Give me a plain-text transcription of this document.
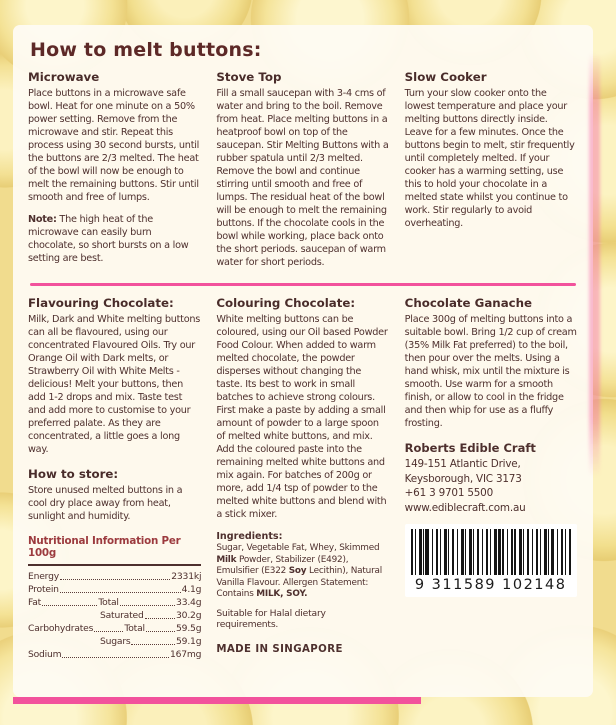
How to melt buttons:
Microwave

Place buttons in a microwave safe bowl. Heat for one minute on a 50% power setting. Remove from the microwave and stir. Repeat this process using 30 second bursts, until the buttons are 2/3 melted. The heat of the bowl will now be enough to melt the remaining buttons. Stir until smooth and free of lumps.

Note: The high heat of the microwave can easily burn chocolate, so short bursts on a low setting are best.

Stove Top

Fill a small saucepan with 3-4 cms of water and bring to the boil. Remove from heat. Place melting buttons in a heatproof bowl on top of the saucepan. Stir Melting Buttons with a rubber spatula until 2/3 melted. Remove the bowl and continue stirring until smooth and free of lumps. The residual heat of the bowl will be enough to melt the remaining buttons. If the chocolate cools in the bowl while working, place back onto the short periods. saucepan of warm water for short periods.

Slow Cooker

Turn your slow cooker onto the lowest temperature and place your melting buttons directly inside. Leave for a few minutes. Once the buttons begin to melt, stir frequently until completely melted. If your cooker has a warming setting, use this to hold your chocolate in a melted state whilst you continue to work. Stir regularly to avoid overheating.

Flavouring Chocolate:

Milk, Dark and White melting buttons can all be flavoured, using our concentrated Flavoured Oils. Try our Orange Oil with Dark melts, or Strawberry Oil with White Melts - delicious! Melt your buttons, then add 1-2 drops and mix. Taste test and add more to customise to your preferred palate. As they are concentrated, a little goes a long way.

How to store:

Store unused melted buttons in a cool dry place away from heat, sunlight and humidity.

Nutritional Information Per 100g
Energy	2331kj
Protein	4.1g
Fat	Total	33.4g
Saturated	30.2g
Carbohydrates	Total	59.5g
Sugars	59.1g
Sodium	167mg
Colouring Chocolate:

White melting buttons can be coloured, using our Oil based Powder Food Colour. When added to warm melted chocolate, the powder disperses without changing the taste. Its best to work in small batches to achieve strong colours. First make a paste by adding a small amount of powder to a large spoon of melted white buttons, and mix. Add the coloured paste into the remaining melted white buttons and mix again. For batches of 200g or more, add 1/4 tsp of powder to the melted white buttons and blend with a stick mixer.

Ingredients:

Sugar, Vegetable Fat, Whey, Skimmed Milk Powder, Stabilizer (E492), Emulsifier (E322 Soy Lecithin), Natural Vanilla Flavour. Allergen Statement: Contains MILK, SOY.

Suitable for Halal dietary requirements.

MADE IN SINGAPORE

Chocolate Ganache

Place 300g of melting buttons into a suitable bowl. Bring 1/2 cup of cream (35% Milk Fat preferred) to the boil, then pour over the melts. Using a hand whisk, mix until the mixture is smooth. Use warm for a smooth finish, or allow to cool in the fridge and then whip for use as a fluffy frosting.

Roberts Edible Craft
149-151 Atlantic Drive,
Keysborough, VIC 3173
+61 3 9701 5500
www.ediblecraft.com.au
9 311589 102148
